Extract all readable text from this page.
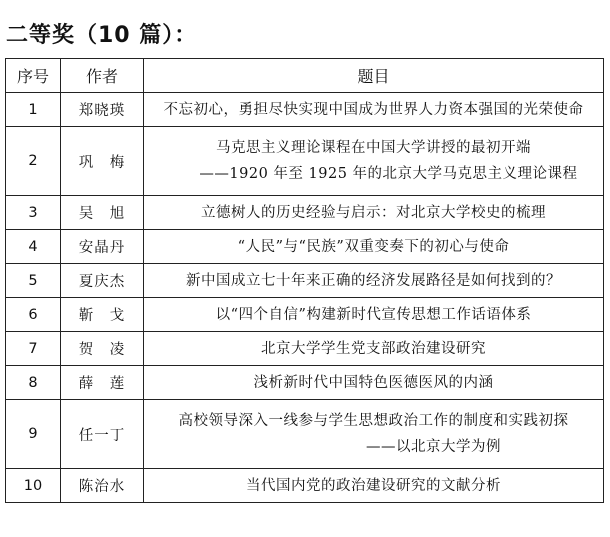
二等奖（10 篇）：
序号	作者	题目
1	郑晓瑛	不忘初心，勇担尽快实现中国成为世界人力资本强国的光荣使命

2	巩　梅	马克思主义理论课程在中国大学讲授的最初开端
——1920 年至 1925 年的北京大学马克思主义理论课程

3	吴　旭	立德树人的历史经验与启示：对北京大学校史的梳理

4	安晶丹	“人民”与“民族”双重变奏下的初心与使命

5	夏庆杰	新中国成立七十年来正确的经济发展路径是如何找到的？

6	靳　戈	以“四个自信”构建新时代宣传思想工作话语体系

7	贺　凌	北京大学学生党支部政治建设研究

8	薛　莲	浅析新时代中国特色医德医风的内涵

9	任一丁	高校领导深入一线参与学生思想政治工作的制度和实践初探
——以北京大学为例

10	陈治水	当代国内党的政治建设研究的文献分析
